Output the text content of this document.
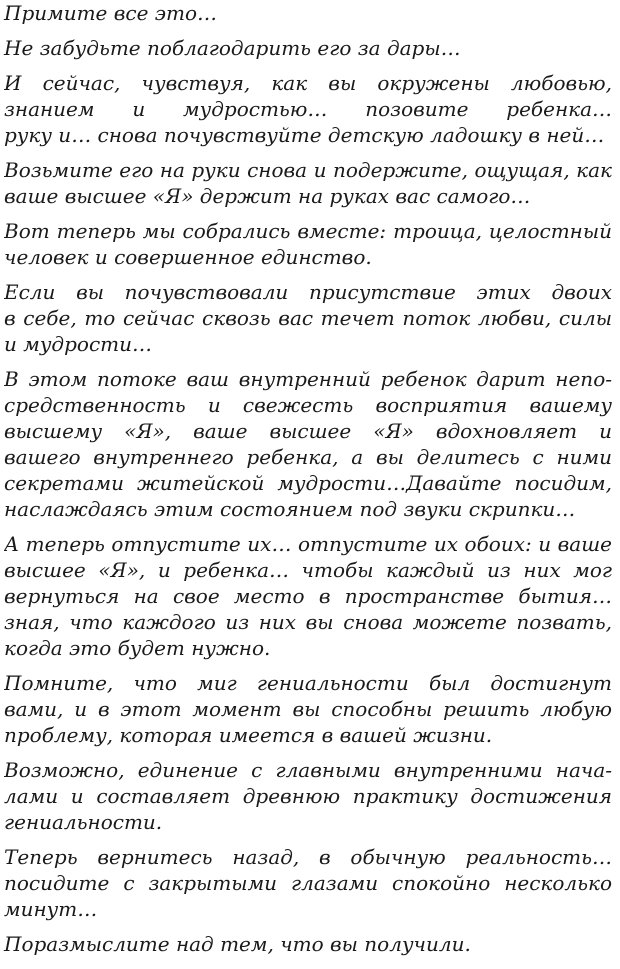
Примите все это…
Не забудьте поблагодарить его за дары…
И сейчас, чувствуя, как вы окружены любовью,
знанием и мудростью… позовите ребенка…
руку и… снова почувствуйте детскую ладошку в ней…
Возьмите его на руки снова и подержите, ощущая, как
ваше высшее «Я» держит на руках вас самого…
Вот теперь мы собрались вместе: троица, целостный
человек и совершенное единство.
Если вы почувствовали присутствие этих двоих
в себе, то сейчас сквозь вас течет поток любви, силы
и мудрости…
В этом потоке ваш внутренний ребенок дарит непо-
средственность и свежесть восприятия вашему
высшему «Я», ваше высшее «Я» вдохновляет и
вашего внутреннего ребенка, а вы делитесь с ними
секретами житейской мудрости…Давайте посидим,
наслаждаясь этим состоянием под звуки скрипки…
А теперь отпустите их… отпустите их обоих: и ваше
высшее «Я», и ребенка… чтобы каждый из них мог
вернуться на свое место в пространстве бытия…
зная, что каждого из них вы снова можете позвать,
когда это будет нужно.
Помните, что миг гениальности был достигнут
вами, и в этот момент вы способны решить любую
проблему, которая имеется в вашей жизни.
Возможно, единение с главными внутренними нача-
лами и составляет древнюю практику достижения
гениальности.
Теперь вернитесь назад, в обычную реальность…
посидите с закрытыми глазами спокойно несколько
минут…
Поразмыслите над тем, что вы получили.
